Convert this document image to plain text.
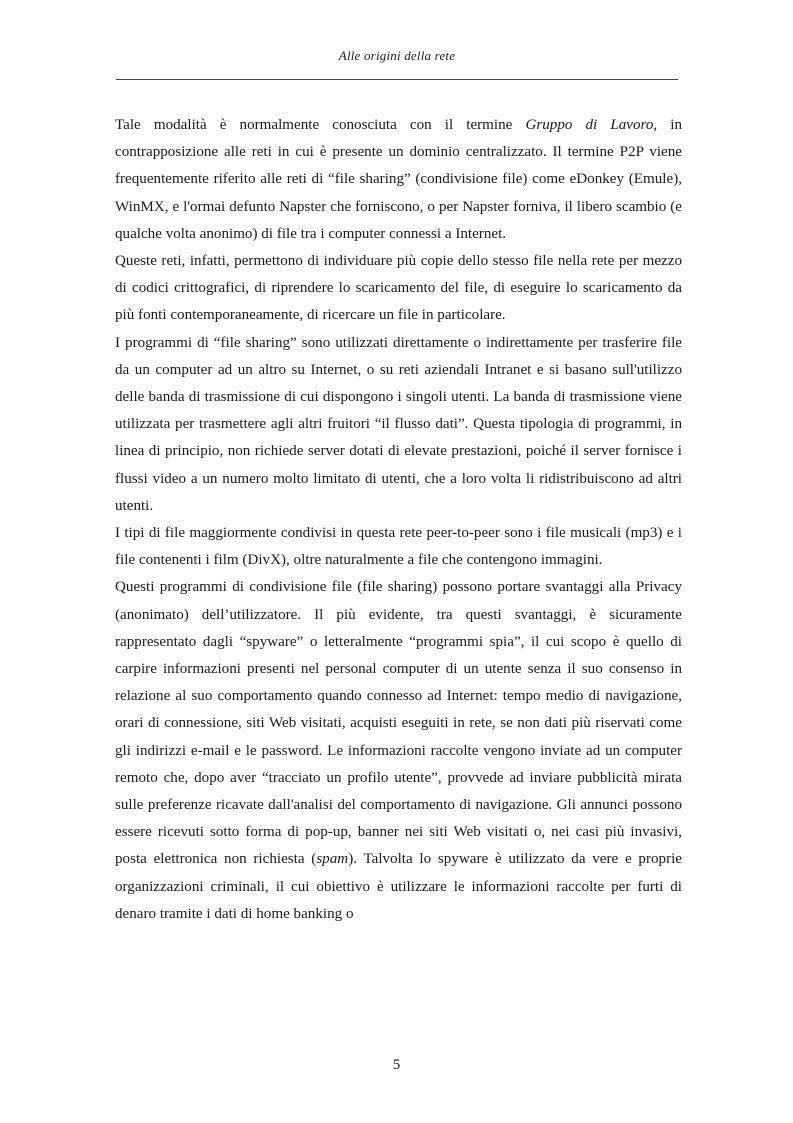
Alle origini della rete

Tale modalità è normalmente conosciuta con il termine Gruppo di Lavoro, in contrapposizione alle reti in cui è presente un dominio centralizzato. Il termine P2P viene frequentemente riferito alle reti di “file sharing” (condivisione file) come eDonkey (Emule), WinMX, e l'ormai defunto Napster che forniscono, o per Napster forniva, il libero scambio (e qualche volta anonimo) di file tra i computer connessi a Internet.

Queste reti, infatti, permettono di individuare più copie dello stesso file nella rete per mezzo di codici crittografici, di riprendere lo scaricamento del file, di eseguire lo scaricamento da più fonti contemporaneamente, di ricercare un file in particolare.

I programmi di “file sharing” sono utilizzati direttamente o indirettamente per trasferire file da un computer ad un altro su Internet, o su reti aziendali Intranet e si basano sull'utilizzo delle banda di trasmissione di cui dispongono i singoli utenti. La banda di trasmissione viene utilizzata per trasmettere agli altri fruitori “il flusso dati”. Questa tipologia di programmi, in linea di principio, non richiede server dotati di elevate prestazioni, poiché il server fornisce i flussi video a un numero molto limitato di utenti, che a loro volta li ridistribuiscono ad altri utenti.

I tipi di file maggiormente condivisi in questa rete peer-to-peer sono i file musicali (mp3) e i file contenenti i film (DivX), oltre naturalmente a file che contengono immagini.

Questi programmi di condivisione file (file sharing) possono portare svantaggi alla Privacy (anonimato) dell’utilizzatore. Il più evidente, tra questi svantaggi, è sicuramente rappresentato dagli “spyware” o letteralmente “programmi spia”, il cui scopo è quello di carpire informazioni presenti nel personal computer di un utente senza il suo consenso in relazione al suo comportamento quando connesso ad Internet: tempo medio di navigazione, orari di connessione, siti Web visitati, acquisti eseguiti in rete, se non dati più riservati come gli indirizzi e-mail e le password. Le informazioni raccolte vengono inviate ad un computer remoto che, dopo aver “tracciato un profilo utente”, provvede ad inviare pubblicità mirata sulle preferenze ricavate dall'analisi del comportamento di navigazione. Gli annunci possono essere ricevuti sotto forma di pop-up, banner nei siti Web visitati o, nei casi più invasivi, posta elettronica non richiesta (spam). Talvolta lo spyware è utilizzato da vere e proprie organizzazioni criminali, il cui obiettivo è utilizzare le informazioni raccolte per furti di denaro tramite i dati di home banking o

5
